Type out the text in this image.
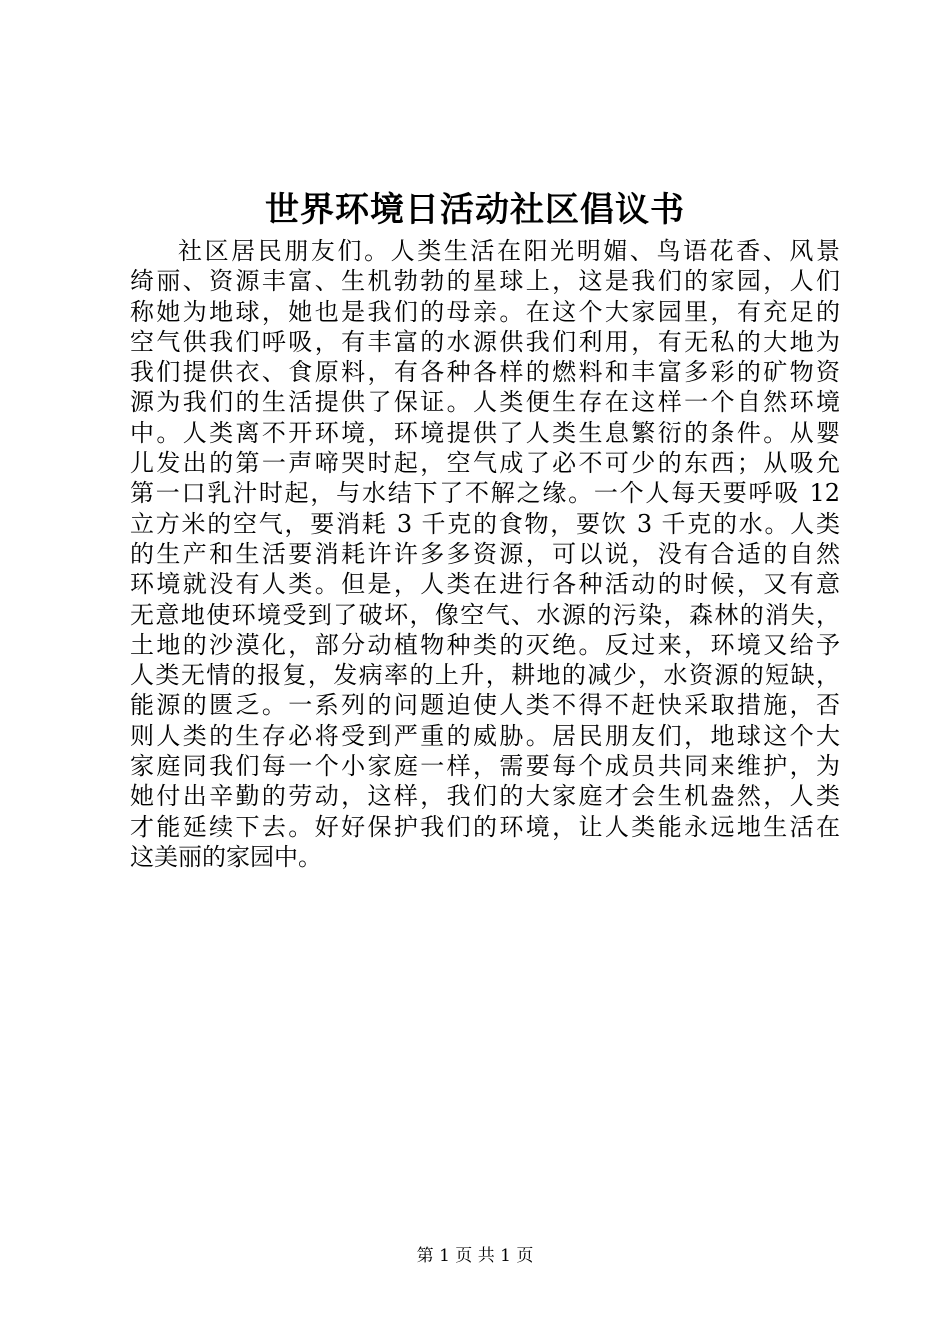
世界环境日活动社区倡议书
社区居民朋友们。人类生活在阳光明媚、鸟语花香、风景
绮丽、资源丰富、生机勃勃的星球上，这是我们的家园，人们
称她为地球，她也是我们的母亲。在这个大家园里，有充足的
空气供我们呼吸，有丰富的水源供我们利用，有无私的大地为
我们提供衣、食原料，有各种各样的燃料和丰富多彩的矿物资
源为我们的生活提供了保证。人类便生存在这样一个自然环境
中。人类离不开环境，环境提供了人类生息繁衍的条件。从婴
儿发出的第一声啼哭时起，空气成了必不可少的东西；从吸允
第一口乳汁时起，与水结下了不解之缘。一个人每天要呼吸 12
立方米的空气，要消耗 3 千克的食物，要饮 3 千克的水。人类
的生产和生活要消耗许许多多资源，可以说，没有合适的自然
环境就没有人类。但是，人类在进行各种活动的时候，又有意
无意地使环境受到了破坏，像空气、水源的污染，森林的消失，
土地的沙漠化，部分动植物种类的灭绝。反过来，环境又给予
人类无情的报复，发病率的上升，耕地的减少，水资源的短缺，
能源的匮乏。一系列的问题迫使人类不得不赶快采取措施，否
则人类的生存必将受到严重的威胁。居民朋友们，地球这个大
家庭同我们每一个小家庭一样，需要每个成员共同来维护，为
她付出辛勤的劳动，这样，我们的大家庭才会生机盎然，人类
才能延续下去。好好保护我们的环境，让人类能永远地生活在
这美丽的家园中。
第 1 页 共 1 页
